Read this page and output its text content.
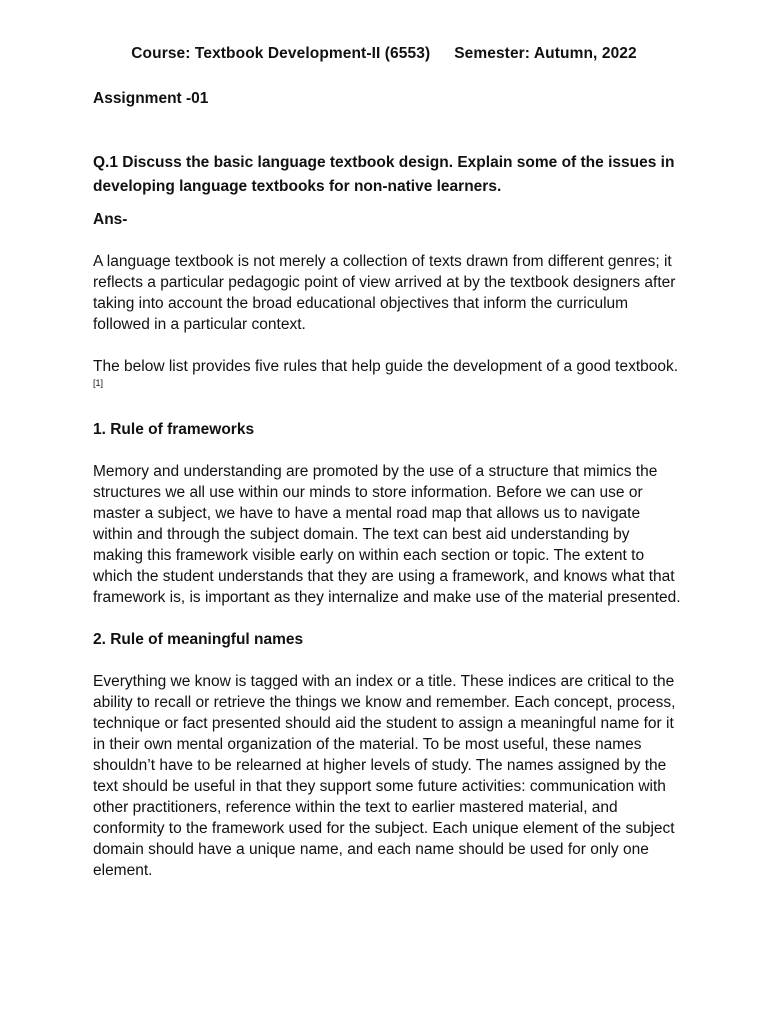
Course: Textbook Development-II (6553) Semester: Autumn, 2022

Assignment -01

Q.1 Discuss the basic language textbook design. Explain some of the issues in developing language textbooks for non-native learners.

Ans-

A language textbook is not merely a collection of texts drawn from different genres; it reflects a particular pedagogic point of view arrived at by the textbook designers after taking into account the broad educational objectives that inform the curriculum followed in a particular context.

The below list provides five rules that help guide the development of a good textbook.[1]

1. Rule of frameworks

Memory and understanding are promoted by the use of a structure that mimics the structures we all use within our minds to store information. Before we can use or master a subject, we have to have a mental road map that allows us to navigate within and through the subject domain. The text can best aid understanding by making this framework visible early on within each section or topic. The extent to which the student understands that they are using a framework, and knows what that framework is, is important as they internalize and make use of the material presented.

2. Rule of meaningful names

Everything we know is tagged with an index or a title. These indices are critical to the ability to recall or retrieve the things we know and remember. Each concept, process, technique or fact presented should aid the student to assign a meaningful name for it in their own mental organization of the material. To be most useful, these names shouldn’t have to be relearned at higher levels of study. The names assigned by the text should be useful in that they support some future activities: communication with other practitioners, reference within the text to earlier mastered material, and conformity to the framework used for the subject. Each unique element of the subject domain should have a unique name, and each name should be used for only one element.
